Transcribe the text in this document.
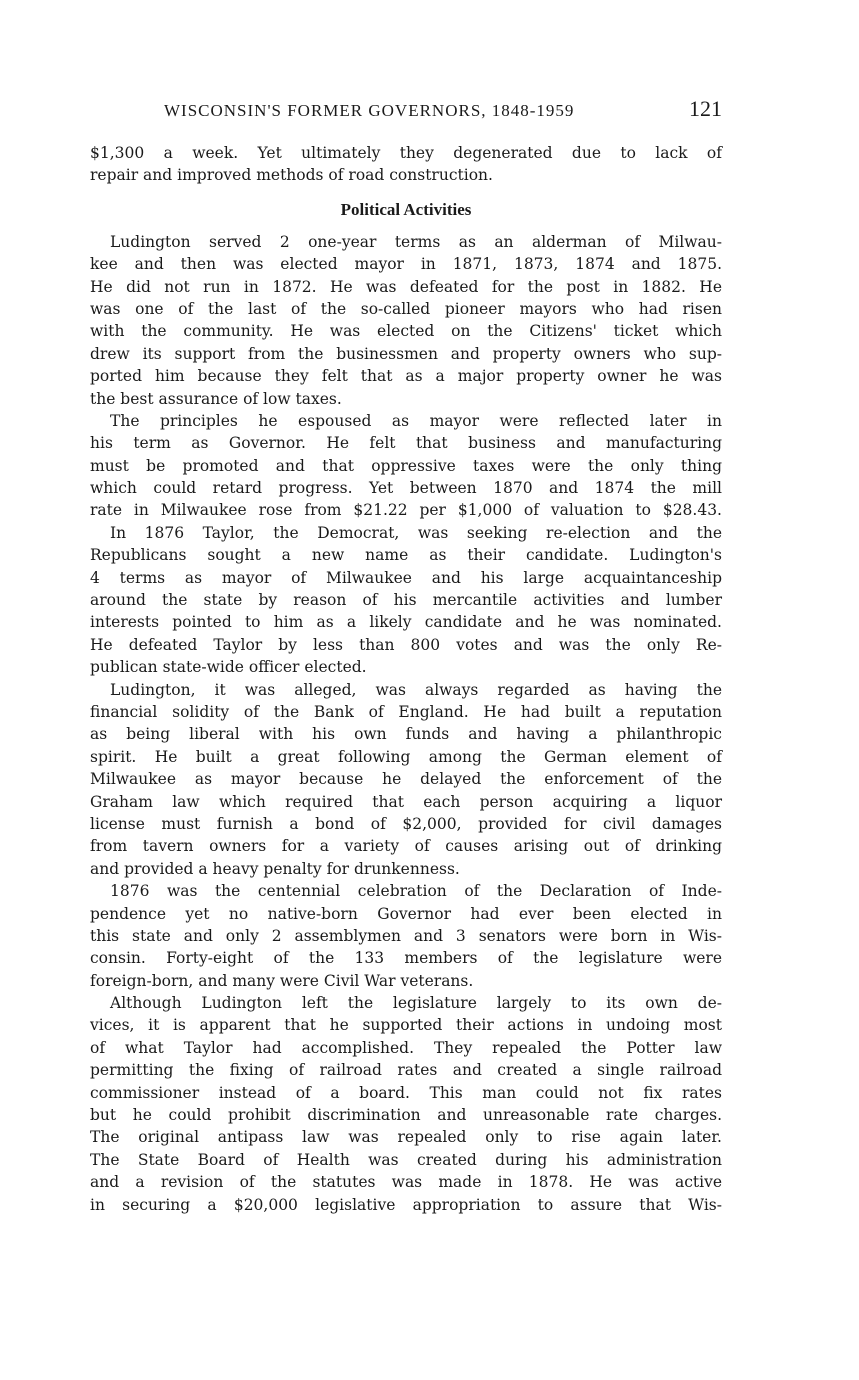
WISCONSIN'S FORMER GOVERNORS, 1848-1959	121

$1,300 a week. Yet ultimately they degenerated due to lack of
repair and improved methods of road construction.

Political Activities

Ludington served 2 one-year terms as an alderman of Milwau-
kee and then was elected mayor in 1871, 1873, 1874 and 1875.
He did not run in 1872. He was defeated for the post in 1882. He
was one of the last of the so-called pioneer mayors who had risen
with the community. He was elected on the Citizens' ticket which
drew its support from the businessmen and property owners who sup-
ported him because they felt that as a major property owner he was
the best assurance of low taxes.

The principles he espoused as mayor were reflected later in
his term as Governor. He felt that business and manufacturing
must be promoted and that oppressive taxes were the only thing
which could retard progress. Yet between 1870 and 1874 the mill
rate in Milwaukee rose from $21.22 per $1,000 of valuation to $28.43.

In 1876 Taylor, the Democrat, was seeking re-election and the
Republicans sought a new name as their candidate. Ludington's
4 terms as mayor of Milwaukee and his large acquaintanceship
around the state by reason of his mercantile activities and lumber
interests pointed to him as a likely candidate and he was nominated.
He defeated Taylor by less than 800 votes and was the only Re-
publican state-wide officer elected.

Ludington, it was alleged, was always regarded as having the
financial solidity of the Bank of England. He had built a reputation
as being liberal with his own funds and having a philanthropic
spirit. He built a great following among the German element of
Milwaukee as mayor because he delayed the enforcement of the
Graham law which required that each person acquiring a liquor
license must furnish a bond of $2,000, provided for civil damages
from tavern owners for a variety of causes arising out of drinking
and provided a heavy penalty for drunkenness.

1876 was the centennial celebration of the Declaration of Inde-
pendence yet no native-born Governor had ever been elected in
this state and only 2 assemblymen and 3 senators were born in Wis-
consin. Forty-eight of the 133 members of the legislature were
foreign-born, and many were Civil War veterans.

Although Ludington left the legislature largely to its own de-
vices, it is apparent that he supported their actions in undoing most
of what Taylor had accomplished. They repealed the Potter law
permitting the fixing of railroad rates and created a single railroad
commissioner instead of a board. This man could not fix rates
but he could prohibit discrimination and unreasonable rate charges.
The original antipass law was repealed only to rise again later.
The State Board of Health was created during his administration
and a revision of the statutes was made in 1878. He was active
in securing a $20,000 legislative appropriation to assure that Wis-
